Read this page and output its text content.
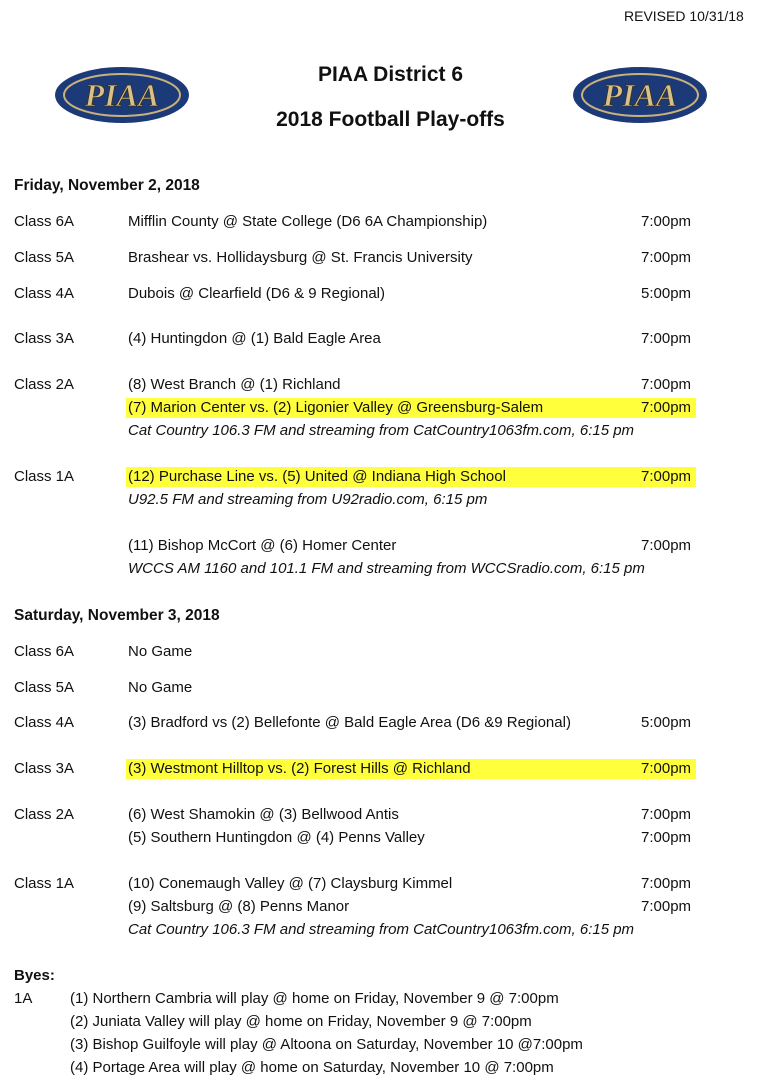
REVISED 10/31/18
PIAA	PIAA
PIAA District 6
2018 Football Play-offs
Friday, November 2, 2018
Class 6A	Mifflin County @ State College (D6 6A Championship)	7:00pm
Class 5A	Brashear vs. Hollidaysburg @ St. Francis University	7:00pm
Class 4A	Dubois @ Clearfield (D6 & 9 Regional)	5:00pm
Class 3A	(4) Huntingdon @ (1) Bald Eagle Area	7:00pm
Class 2A	(8) West Branch @ (1) Richland	7:00pm
(7) Marion Center vs. (2) Ligonier Valley @ Greensburg-Salem	7:00pm
Cat Country 106.3 FM and streaming from CatCountry1063fm.com, 6:15 pm
Class 1A	(12) Purchase Line vs. (5) United @ Indiana High School	7:00pm
U92.5 FM and streaming from U92radio.com, 6:15 pm
(11) Bishop McCort @ (6) Homer Center	7:00pm
WCCS AM 1160 and 101.1 FM and streaming from WCCSradio.com, 6:15 pm
Saturday, November 3, 2018
Class 6A	No Game
Class 5A	No Game
Class 4A	(3) Bradford vs (2) Bellefonte @ Bald Eagle Area (D6 &9 Regional)	5:00pm
Class 3A	(3) Westmont Hilltop vs. (2) Forest Hills @ Richland	7:00pm
Class 2A	(6) West Shamokin @ (3) Bellwood Antis	7:00pm
(5) Southern Huntingdon @ (4) Penns Valley	7:00pm
Class 1A	(10) Conemaugh Valley @ (7) Claysburg Kimmel	7:00pm
(9) Saltsburg @ (8) Penns Manor	7:00pm
Cat Country 106.3 FM and streaming from CatCountry1063fm.com, 6:15 pm
Byes:
1A	(1) Northern Cambria will play @ home on Friday, November 9 @ 7:00pm
(2) Juniata Valley will play @ home on Friday, November 9 @ 7:00pm
(3) Bishop Guilfoyle will play @ Altoona on Saturday, November 10 @7:00pm
(4) Portage Area will play @ home on Saturday, November 10 @ 7:00pm
